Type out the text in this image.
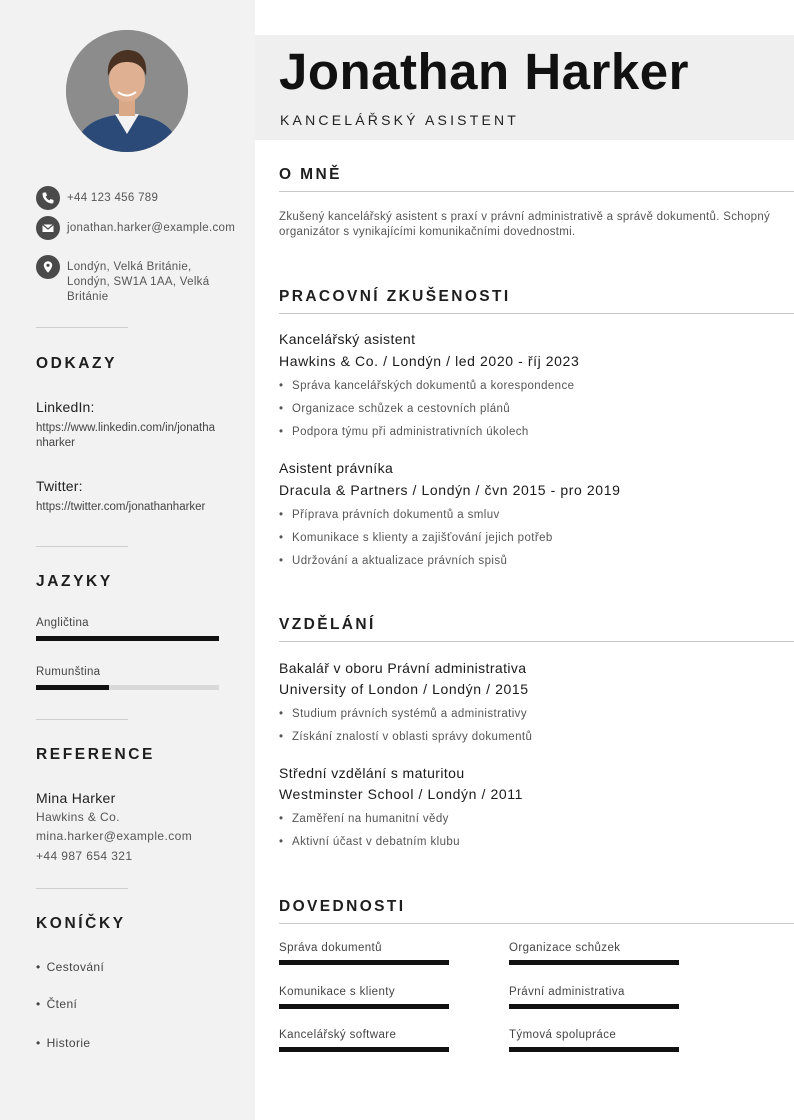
+44 123 456 789
jonathan.harker@example.com
Londýn, Velká Británie, Londýn, SW1A 1AA, Velká Británie
ODKAZY
LinkedIn:
https://www.linkedin.com/in/jonathanharker
Twitter:
https://twitter.com/jonathanharker
JAZYKY
Angličtina
Rumunština
REFERENCE
Mina Harker
Hawkins & Co.
mina.harker@example.com
+44 987 654 321
KONÍČKY
• Cestování
• Čtení
• Historie
Jonathan Harker
KANCELÁŘSKÝ ASISTENT
O MNĚ
Zkušený kancelářský asistent s praxí v právní administrativě a správě dokumentů. Schopný organizátor s vynikajícími komunikačními dovednostmi.
PRACOVNÍ ZKUŠENOSTI
Kancelářský asistent
Hawkins & Co. / Londýn / led 2020 - říj 2023
• Správa kancelářských dokumentů a korespondence
• Organizace schůzek a cestovních plánů
• Podpora týmu při administrativních úkolech
Asistent právníka
Dracula & Partners / Londýn / čvn 2015 - pro 2019
• Příprava právních dokumentů a smluv
• Komunikace s klienty a zajišťování jejich potřeb
• Udržování a aktualizace právních spisů
VZDĚLÁNÍ
Bakalář v oboru Právní administrativa
University of London / Londýn / 2015
• Studium právních systémů a administrativy
• Získání znalostí v oblasti správy dokumentů
Střední vzdělání s maturitou
Westminster School / Londýn / 2011
• Zaměření na humanitní vědy
• Aktivní účast v debatním klubu
DOVEDNOSTI
Správa dokumentů	Organizace schůzek
Komunikace s klienty	Právní administrativa
Kancelářský software	Týmová spolupráce
